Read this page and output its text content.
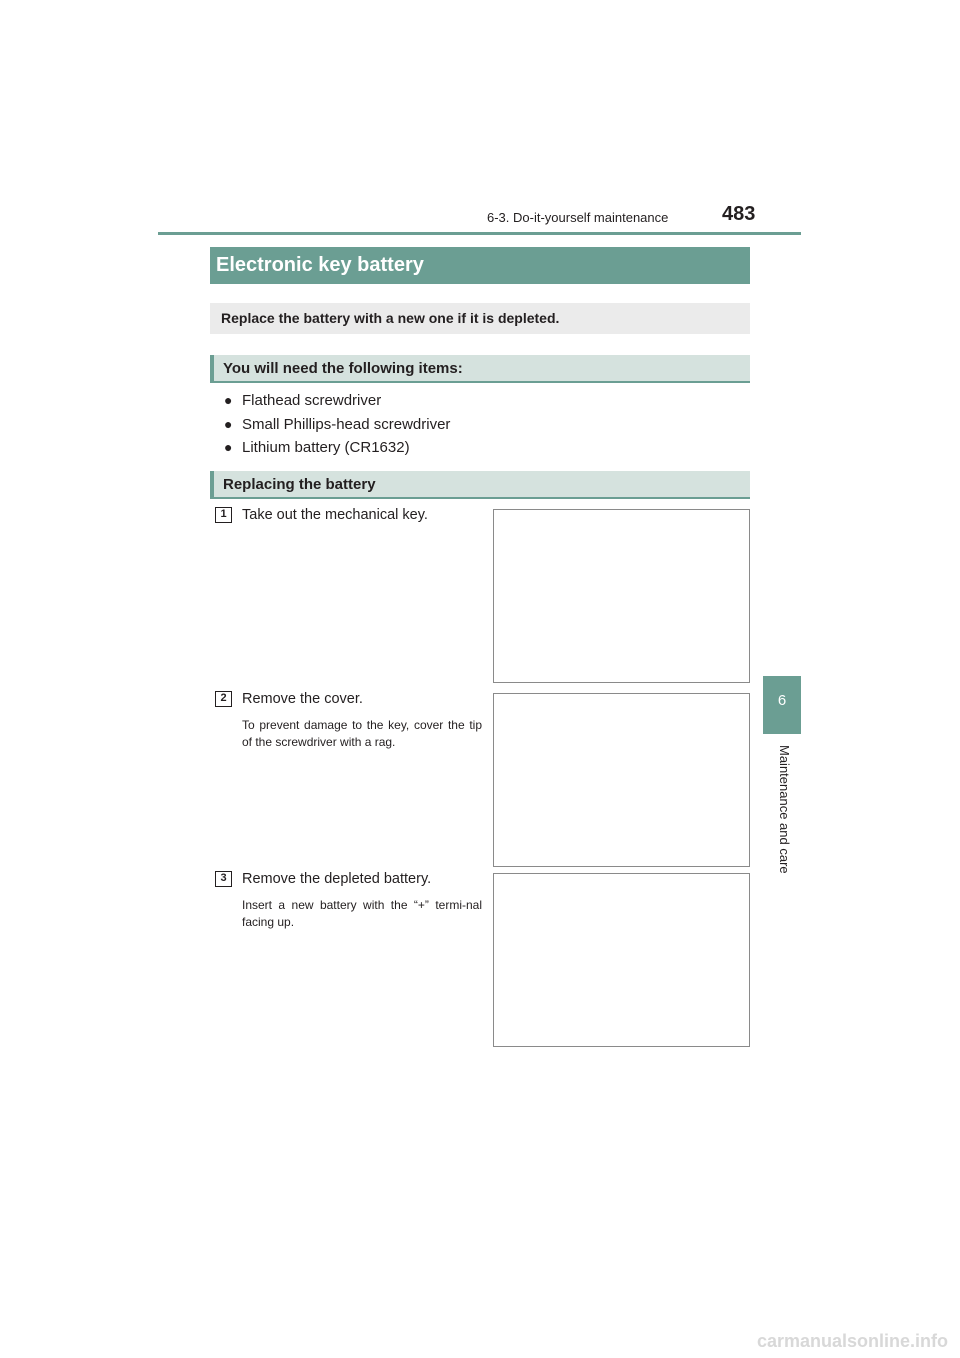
6-3. Do-it-yourself maintenance	483
6
Maintenance and care
Electronic key battery
Replace the battery with a new one if it is depleted.
You will need the following items:
● Flathead screwdriver
● Small Phillips-head screwdriver
● Lithium battery (CR1632)
Replacing the battery
1	Take out the mechanical key.
2	Remove the cover.
To prevent damage to the key, cover the tip of the screwdriver with a rag.
3	Remove the depleted battery.
Insert a new battery with the “+” termi-nal facing up.
carmanualsonline.info
